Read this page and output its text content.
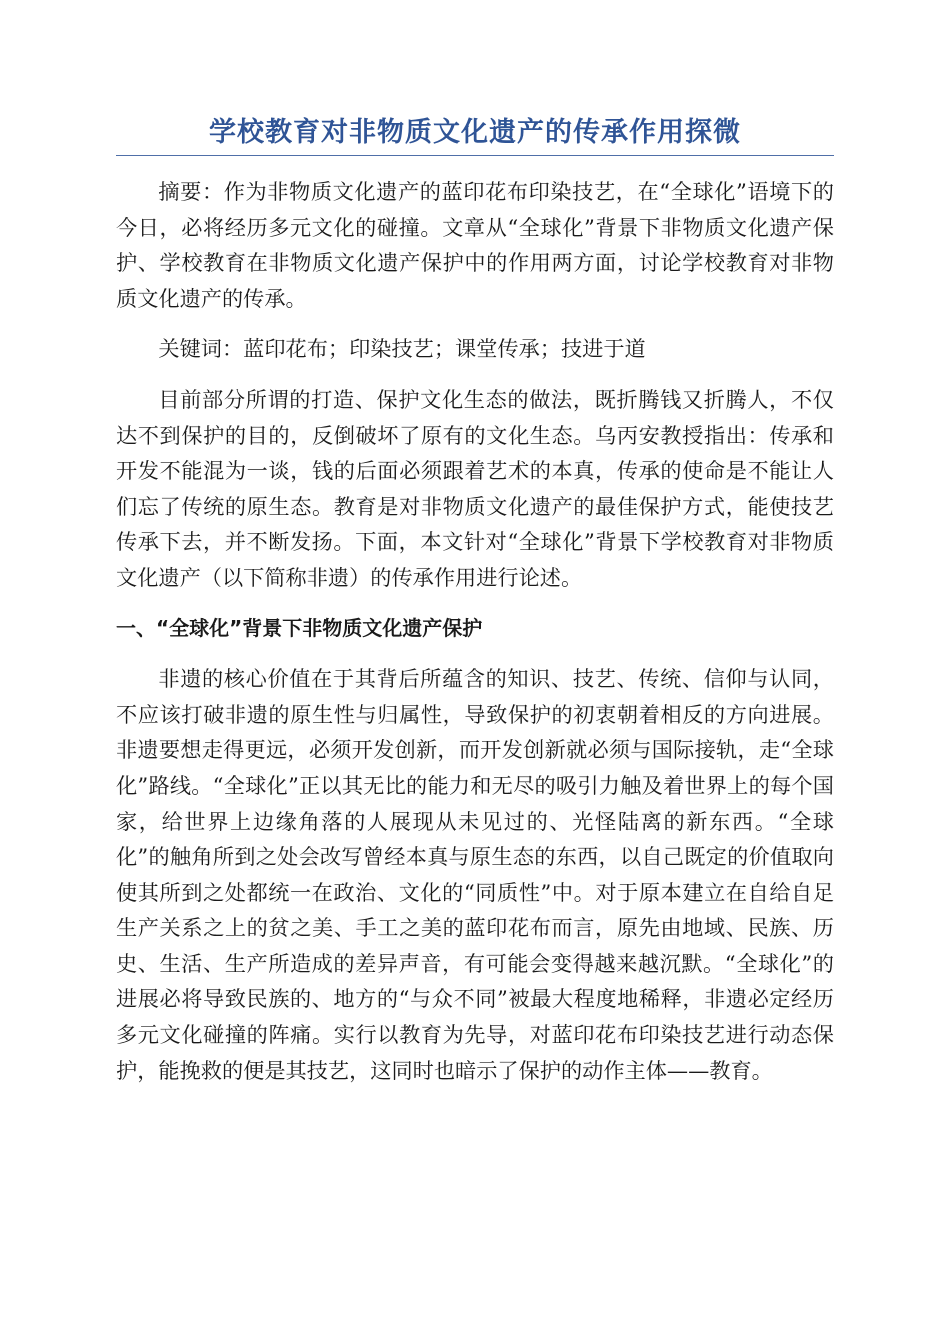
学校教育对非物质文化遗产的传承作用探微

摘要：作为非物质文化遗产的蓝印花布印染技艺，在“全球化”语境下的今日，必将经历多元文化的碰撞。文章从“全球化”背景下非物质文化遗产保护、学校教育在非物质文化遗产保护中的作用两方面，讨论学校教育对非物质文化遗产的传承。

关键词：蓝印花布；印染技艺；课堂传承；技进于道

目前部分所谓的打造、保护文化生态的做法，既折腾钱又折腾人，不仅达不到保护的目的，反倒破坏了原有的文化生态。乌丙安教授指出：传承和开发不能混为一谈，钱的后面必须跟着艺术的本真，传承的使命是不能让人们忘了传统的原生态。教育是对非物质文化遗产的最佳保护方式，能使技艺传承下去，并不断发扬。下面，本文针对“全球化”背景下学校教育对非物质文化遗产（以下简称非遗）的传承作用进行论述。

一、“全球化”背景下非物质文化遗产保护

非遗的核心价值在于其背后所蕴含的知识、技艺、传统、信仰与认同，不应该打破非遗的原生性与归属性，导致保护的初衷朝着相反的方向进展。非遗要想走得更远，必须开发创新，而开发创新就必须与国际接轨，走“全球化”路线。“全球化”正以其无比的能力和无尽的吸引力触及着世界上的每个国家，给世界上边缘角落的人展现从未见过的、光怪陆离的新东西。“全球化”的触角所到之处会改写曾经本真与原生态的东西，以自己既定的价值取向使其所到之处都统一在政治、文化的“同质性”中。对于原本建立在自给自足生产关系之上的贫之美、手工之美的蓝印花布而言，原先由地域、民族、历史、生活、生产所造成的差异声音，有可能会变得越来越沉默。“全球化”的进展必将导致民族的、地方的“与众不同”被最大程度地稀释，非遗必定经历多元文化碰撞的阵痛。实行以教育为先导，对蓝印花布印染技艺进行动态保护，能挽救的便是其技艺，这同时也暗示了保护的动作主体——教育。
